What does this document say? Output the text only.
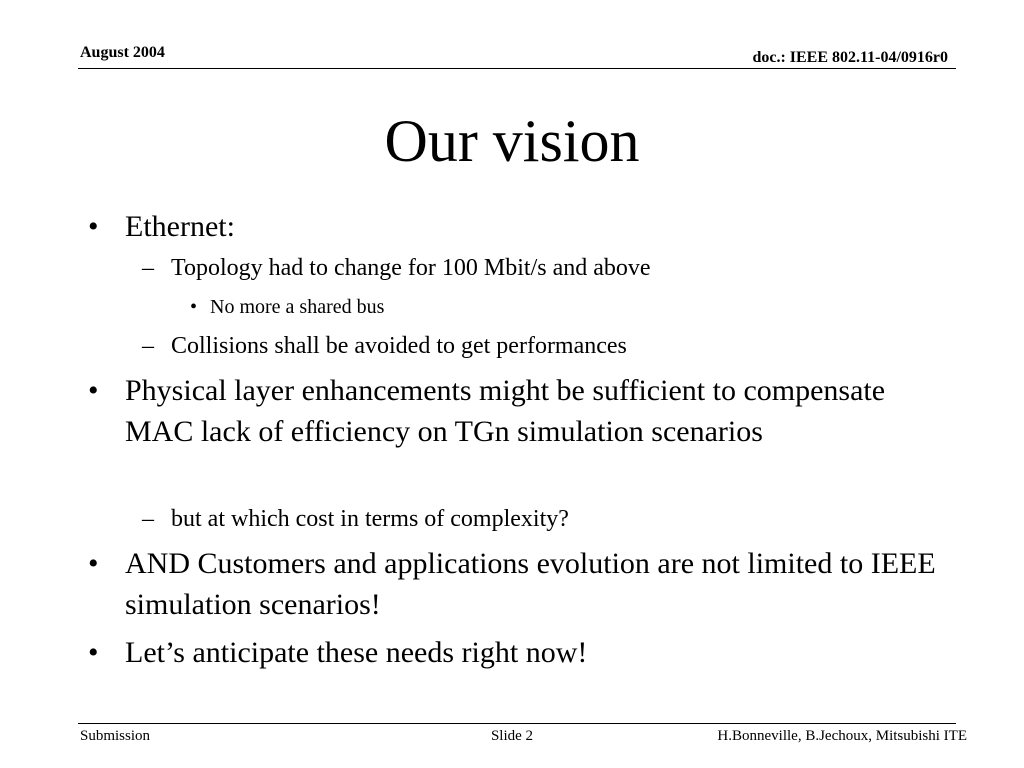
August 2004	doc.: IEEE 802.11-04/0916r0
Our vision
• Ethernet:
– Topology had to change for 100 Mbit/s and above
• No more a shared bus
– Collisions shall be avoided to get performances
• Physical layer enhancements might be sufficient to compensate MAC lack of efficiency on TGn simulation scenarios
– but at which cost in terms of complexity?
• AND Customers and applications evolution are not limited to IEEE simulation scenarios!
• Let’s anticipate these needs right now!
Submission	Slide 2	H.Bonneville, B.Jechoux, Mitsubishi ITE
